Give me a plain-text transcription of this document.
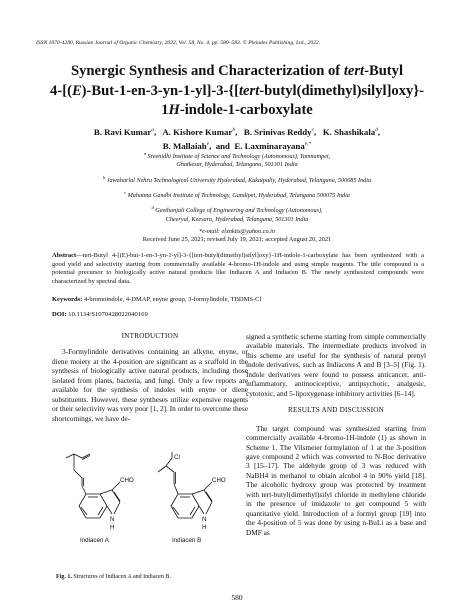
ISSN 1070-4280, Russian Journal of Organic Chemistry, 2022, Vol. 58, No. 4, pp. 580–583. © Pleiades Publishing, Ltd., 2022.
Synergic Synthesis and Characterization of tert-Butyl
4-[(E)-But-1-en-3-yn-1-yl]-3-{[tert-butyl(dimethyl)silyl]oxy}-
1H-indole-1-carboxylate
B. Ravi Kumar$^a$,   A. Kishore Kumar$^b$,   B. Srinivas Reddy$^c$,   K. Shashikala$^d$,
B. Mallaiah$^e$,  and  E. Laxminarayana$^{e,*}$
$^a$ Sreenidhi Institute of Science and Technology (Autonomous), Yamnampet,
Ghatkesar, Hyderabad, Telangana, 501301 India
$^b$ Jawaharlal Nehru Technological University Hyderabad, Kukatpally, Hyderabad, Telangana, 500085 India
$^c$ Mahatma Gandhi Institute of Technology, Gandipet, Hyderabad, Telangana 500075 India
$^d$ Geethanjali College of Engineering and Technology (Autonomous),
Cheeryal, Keesara, Hyderabad, Telangana, 501301 India
*e-mail: elxnkits@yahoo.co.in
Received June 25, 2021; revised July 19, 2021; accepted August 20, 2021
Abstract—tert-Butyl 4-[(E)-but-1-en-3-yn-1-yl]-3-{[tert-butyl(dimethyl)silyl]oxy}-1H-indole-1-carboxylate has been synthesized with a good yield and selectivity starting from commercially available 4-bromo-1H-indole and using simple reagents. The title compound is a potential precursor to biologically active natural products like Indiacen A and Indiacen B. The newly synthesized compounds were characterized by spectral data.
Keywords: 4-bromoindole, 4-DMAP, enyne group, 3-formylindole, TBDMS-Cl
DOI: 10.1134/S1070428022040169
INTRODUCTION

3-Formylindole derivatives containing an alkyne, enyne, or diene moiety at the 4-position are significant as a scaffold in the synthesis of biologically active natural products, including those isolated from plants, bacteria, and fungi. Only a few reports are available for the synthesis of indoles with enyne or diene substituents. However, these syntheses utilize expensive reagents or their selectivity was very poor [1, 2]. In order to overcome these shortcomings, we have de-

signed a synthetic scheme starting from simple commercially available materials. The intermediate products involved in this scheme are useful for the synthesis of natural prenyl indole derivatives, such as Indiacens A and B [3–5] (Fig. 1). Indole derivatives were found to possess anticancer, anti-inflammatory, antinociceptive, antipsychotic, analgesic, cytotoxic, and 5-lipoxygenase inhibitory activities [6–14].

RESULTS AND DISCUSSION

The target compound was synthesized starting from commercially available 4-bromo-1H-indole (1) as shown in Scheme 1. The Vilsmeier formylation of 1 at the 3-position gave compound 2 which was converted to N-Boc derivative 3 [15–17]. The aldehyde group of 3 was reduced with NaBH4 in methanol to obtain alcohol 4 in 90% yield [18]. The alcoholic hydroxy group was protected by treatment with tert-butyl(dimethyl)silyl chloride in methylene chloride in the presence of imidazole to get compound 5 with quantitative yield. Introduction of a formyl group [19] into the 4-position of 5 was done by using n-BuLi as a base and DMF as

CHO
N
H
Indiacen A
Cl
CHO
N
H
Indiacen B
Fig. 1. Structures of Indiacen A and Indiacen B.
580
